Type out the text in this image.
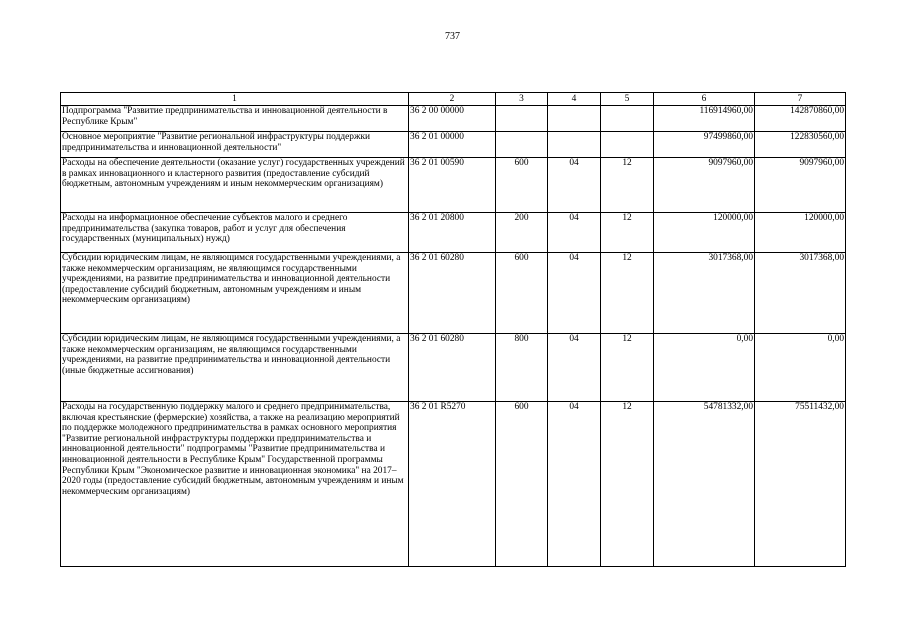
737
1	2	3	4	5	6	7
Подпрограмма "Развитие предпринимательства и инновационной деятельности в Республике Крым"	36 2 00 00000				116914960,00	142870860,00
Основное мероприятие "Развитие региональной инфраструктуры поддержки предпринимательства и инновационной деятельности"	36 2 01 00000				97499860,00	122830560,00
Расходы на обеспечение деятельности (оказание услуг) государственных учреждений в рамках инновационного и кластерного развития (предоставление субсидий бюджетным, автономным учреждениям и иным некоммерческим организациям)	36 2 01 00590	600	04	12	9097960,00	9097960,00
Расходы на информационное обеспечение субъектов малого и среднего предпринимательства (закупка товаров, работ и услуг для обеспечения государственных (муниципальных) нужд)	36 2 01 20800	200	04	12	120000,00	120000,00
Субсидии юридическим лицам, не являющимся государственными учреждениями, а также некоммерческим организациям, не являющимся государственными учреждениями, на развитие предпринимательства и инновационной деятельности (предоставление субсидий бюджетным, автономным учреждениям и иным некоммерческим организациям)	36 2 01 60280	600	04	12	3017368,00	3017368,00
Субсидии юридическим лицам, не являющимся государственными учреждениями, а также некоммерческим организациям, не являющимся государственными учреждениями, на развитие предпринимательства и инновационной деятельности (иные бюджетные ассигнования)	36 2 01 60280	800	04	12	0,00	0,00
Расходы на государственную поддержку малого и среднего предпринимательства, включая крестьянские (фермерские) хозяйства, а также на реализацию мероприятий по поддержке молодежного предпринимательства в рамках основного мероприятия "Развитие региональной инфраструктуры поддержки предпринимательства и инновационной деятельности" подпрограммы "Развитие предпринимательства и инновационной деятельности в Республике Крым" Государственной программы Республики Крым "Экономическое развитие и инновационная экономика" на 2017–2020 годы (предоставление субсидий бюджетным, автономным учреждениям и иным некоммерческим организациям)	36 2 01 R5270	600	04	12	54781332,00	75511432,00
